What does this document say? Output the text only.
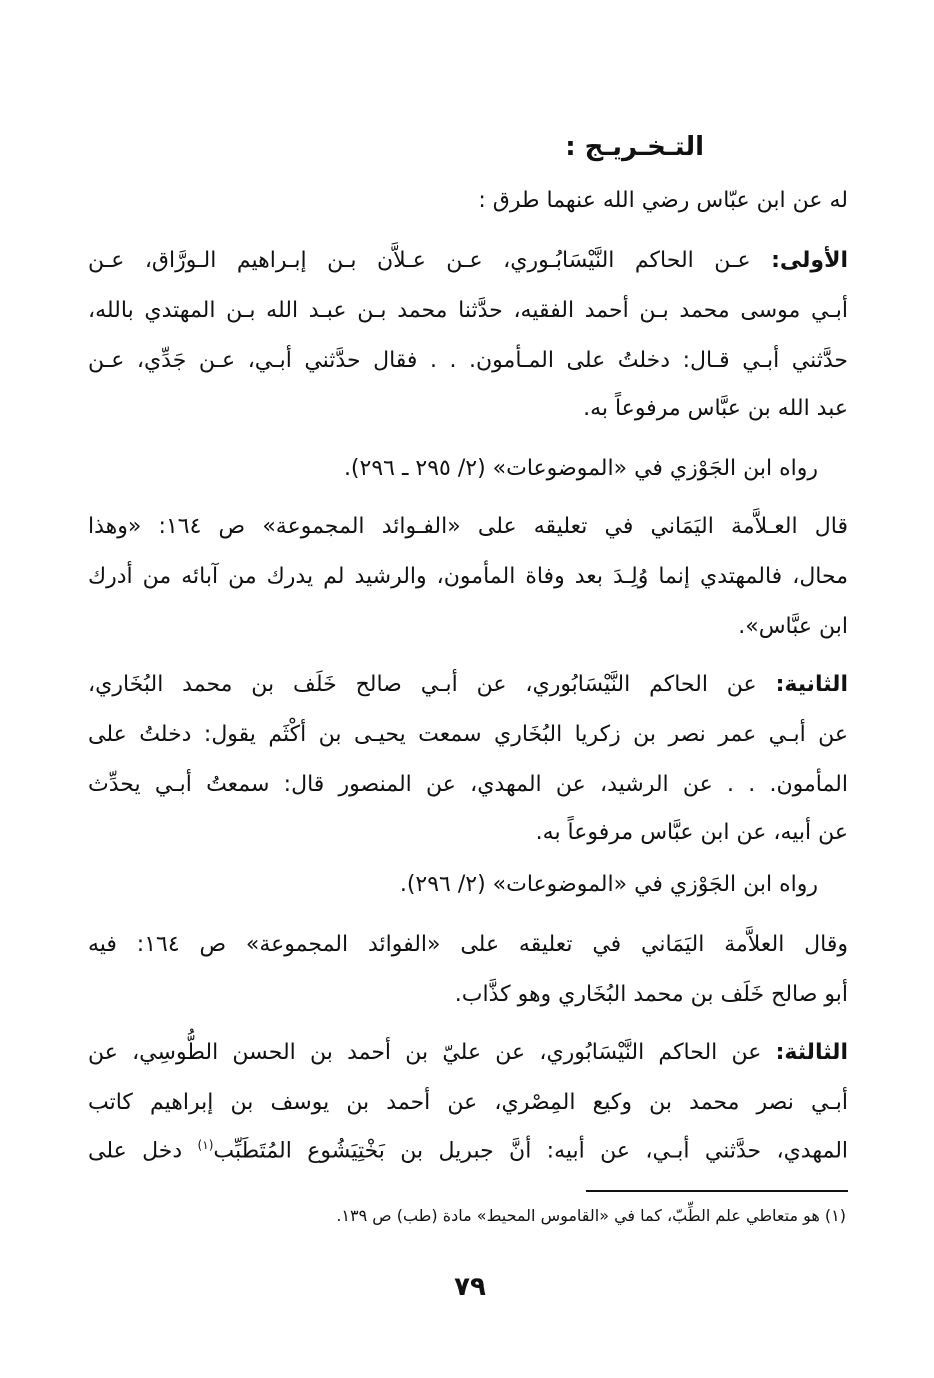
التـخـريـج :
له عن ابن عبّاس رضي الله عنهما طرق :
الأولى: عـن الحاكم النَّيْسَابُـوري، عـن عـلاَّن بـن إبـراهيم الـورَّاق، عـن
أبـي موسى محمد بـن أحمد الفقيه، حدَّثنا محمد بـن عبـد الله بـن المهتدي بالله،
حدَّثني أبـي قـال: دخلتُ على المـأمون. . . فقال حدَّثني أبـي، عـن جَدِّي، عـن
عبد الله بن عبَّاس مرفوعاً به.
رواه ابن الجَوْزي في «الموضوعات» (٢/ ٢٩٥ ـ ٢٩٦).
قال العـلاَّمة اليَمَاني في تعليقه على «الفـوائد المجموعة» ص ١٦٤: «وهذا
محال، فالمهتدي إنما وُلِـدَ بعد وفاة المأمون، والرشيد لم يدرك من آبائه من أدرك
ابن عبَّاس».
الثانية: عن الحاكم النَّيْسَابُوري، عن أبـي صالح خَلَف بن محمد البُخَاري،
عن أبـي عمر نصر بن زكريا البُخَاري سمعت يحيـى بن أكْثَم يقول: دخلتُ على
المأمون. . . عن الرشيد، عن المهدي، عن المنصور قال: سمعتُ أبـي يحدِّث
عن أبيه، عن ابن عبَّاس مرفوعاً به.
رواه ابن الجَوْزي في «الموضوعات» (٢/ ٢٩٦).
وقال العلاَّمة اليَمَاني في تعليقه على «الفوائد المجموعة» ص ١٦٤: فيه
أبو صالح خَلَف بن محمد البُخَاري وهو كذَّاب.
الثالثة: عن الحاكم النَّيْسَابُوري، عن عليّ بن أحمد بن الحسن الطُّوسِي، عن
أبـي نصر محمد بن وكيع المِصْري، عن أحمد بن يوسف بن إبراهيم كاتب
المهدي، حدَّثني أبـي، عن أبيه: أنَّ جبريل بن بَخْتِيَشُوع المُتَطَبِّب$^{(١)}$ دخل على
(١) هو متعاطي علم الطِّبّ، كما في «القاموس المحيط» مادة (طب) ص ١٣٩.
٧٩
